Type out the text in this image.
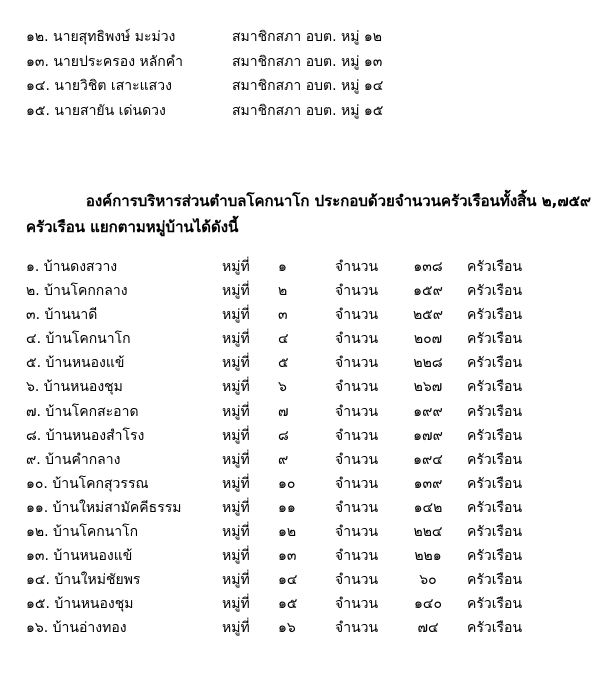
๑๒. นายสุทธิพงษ์ มะม่วง	สมาชิกสภา อบต. หมู่ ๑๒
๑๓. นายประครอง หลักคำ	สมาชิกสภา อบต. หมู่ ๑๓
๑๔. นายวิชิต เสาะแสวง	สมาชิกสภา อบต. หมู่ ๑๔
๑๕. นายสายัน เด่นดวง	สมาชิกสภา อบต. หมู่ ๑๕
องค์การบริหารส่วนตำบลโคกนาโก ประกอบด้วยจำนวนครัวเรือนทั้งสิ้น ๒,๗๕๙
ครัวเรือน แยกตามหมู่บ้านได้ดังนี้
๑. บ้านดงสวาง	หมู่ที่ ๑	จำนวน	๑๓๘	ครัวเรือน
๒. บ้านโคกกลาง	หมู่ที่ ๒	จำนวน	๑๕๙	ครัวเรือน
๓. บ้านนาดี	หมู่ที่ ๓	จำนวน	๒๕๙	ครัวเรือน
๔. บ้านโคกนาโก	หมู่ที่ ๔	จำนวน	๒๐๗	ครัวเรือน
๕. บ้านหนองแข้	หมู่ที่ ๕	จำนวน	๒๒๘	ครัวเรือน
๖. บ้านหนองชุม	หมู่ที่ ๖	จำนวน	๒๖๗	ครัวเรือน
๗. บ้านโคกสะอาด	หมู่ที่ ๗	จำนวน	๑๙๙	ครัวเรือน
๘. บ้านหนองสำโรง	หมู่ที่ ๘	จำนวน	๑๗๙	ครัวเรือน
๙. บ้านคำกลาง	หมู่ที่ ๙	จำนวน	๑๙๔	ครัวเรือน
๑๐. บ้านโคกสุวรรณ	หมู่ที่ ๑๐	จำนวน	๑๓๙	ครัวเรือน
๑๑. บ้านใหม่สามัคคีธรรม	หมู่ที่ ๑๑	จำนวน	๑๔๒	ครัวเรือน
๑๒. บ้านโคกนาโก	หมู่ที่ ๑๒	จำนวน	๒๒๔	ครัวเรือน
๑๓. บ้านหนองแข้	หมู่ที่ ๑๓	จำนวน	๒๒๑	ครัวเรือน
๑๔. บ้านใหม่ชัยพร	หมู่ที่ ๑๔	จำนวน	๖๐	ครัวเรือน
๑๕. บ้านหนองชุม	หมู่ที่ ๑๕	จำนวน	๑๔๐	ครัวเรือน
๑๖. บ้านอ่างทอง	หมู่ที่ ๑๖	จำนวน	๗๔	ครัวเรือน
